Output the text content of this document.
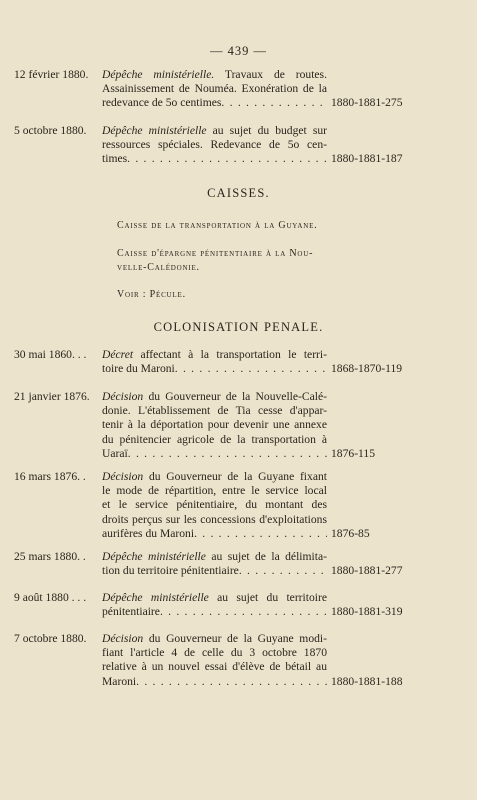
— 439 —
12 février 1880. Dépêche ministérielle. Travaux de routes.
Assainissement de Nouméa. Exonération de la
redevance de 5o centimes . . .	1880-1881-275
5 octobre 1880. Dépêche ministérielle au sujet du budget sur
ressources spéciales. Redevance de 5o cen-
times . . .	1880-1881-187
CAISSES.
Caisse de la transportation à la Guyane.
Caisse d'épargne pénitentiaire à la Nou-
velle-Calédonie.
Voir : Pécule.
COLONISATION PENALE.
30 mai 1860. . . Décret affectant à la transportation le terri-
toire du Maroni . . .	1868-1870-119
21 janvier 1876. Décision du Gouverneur de la Nouvelle-Calé-
donie. L'établissement de Tia cesse d'appar-
tenir à la déportation pour devenir une annexe
du pénitencier agricole de la transportation à
Uaraï
. . .	1876-115
16 mars 1876. . Décision du Gouverneur de la Guyane fixant
le mode de répartition, entre le service local
et le service pénitentiaire, du montant des
droits perçus sur les concessions d'exploitations
aurifères du Maroni
. . .	1876-85
25 mars 1880. . Dépêche ministérielle au sujet de la délimita-
tion du territoire pénitentiaire
. . .	1880-1881-277
9 août 1880 . . . Dépêche ministérielle au sujet du territoire
pénitentiaire . . .	1880-1881-319
7 octobre 1880. Décision du Gouverneur de la Guyane modi-
fiant l'article 4 de celle du 3 octobre 1870
relative à un nouvel essai d'élève de bétail au
Maroni
. . .	1880-1881-188
